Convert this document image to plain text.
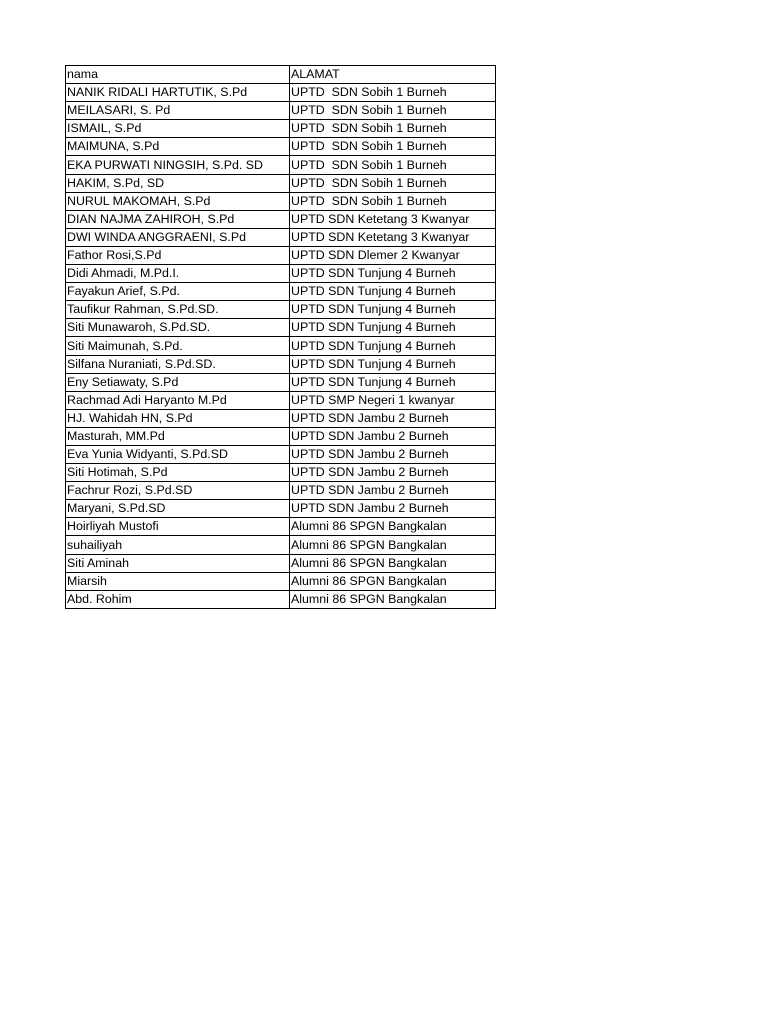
nama	ALAMAT
NANIK RIDALI HARTUTIK, S.Pd	UPTD  SDN Sobih 1 Burneh
MEILASARI, S. Pd	UPTD  SDN Sobih 1 Burneh
ISMAIL, S.Pd	UPTD  SDN Sobih 1 Burneh
MAIMUNA, S.Pd	UPTD  SDN Sobih 1 Burneh
EKA PURWATI NINGSIH, S.Pd. SD	UPTD  SDN Sobih 1 Burneh
HAKIM, S.Pd, SD	UPTD  SDN Sobih 1 Burneh
NURUL MAKOMAH, S.Pd	UPTD  SDN Sobih 1 Burneh
DIAN NAJMA ZAHIROH, S.Pd	UPTD SDN Ketetang 3 Kwanyar
DWI WINDA ANGGRAENI, S.Pd	UPTD SDN Ketetang 3 Kwanyar
Fathor Rosi,S.Pd	UPTD SDN Dlemer 2 Kwanyar
Didi Ahmadi, M.Pd.I.	UPTD SDN Tunjung 4 Burneh
Fayakun Arief, S.Pd.	UPTD SDN Tunjung 4 Burneh
Taufikur Rahman, S.Pd.SD.	UPTD SDN Tunjung 4 Burneh
Siti Munawaroh, S.Pd.SD.	UPTD SDN Tunjung 4 Burneh
Siti Maimunah, S.Pd.	UPTD SDN Tunjung 4 Burneh
Silfana Nuraniati, S.Pd.SD.	UPTD SDN Tunjung 4 Burneh
Eny Setiawaty, S.Pd	UPTD SDN Tunjung 4 Burneh
Rachmad Adi Haryanto M.Pd	UPTD SMP Negeri 1 kwanyar
HJ. Wahidah HN, S.Pd	UPTD SDN Jambu 2 Burneh
Masturah, MM.Pd	UPTD SDN Jambu 2 Burneh
Eva Yunia Widyanti, S.Pd.SD	UPTD SDN Jambu 2 Burneh
Siti Hotimah, S.Pd	UPTD SDN Jambu 2 Burneh
Fachrur Rozi, S.Pd.SD	UPTD SDN Jambu 2 Burneh
Maryani, S.Pd.SD	UPTD SDN Jambu 2 Burneh
Hoirliyah Mustofi	Alumni 86 SPGN Bangkalan
suhailiyah	Alumni 86 SPGN Bangkalan
Siti Aminah	Alumni 86 SPGN Bangkalan
Miarsih	Alumni 86 SPGN Bangkalan
Abd. Rohim	Alumni 86 SPGN Bangkalan
